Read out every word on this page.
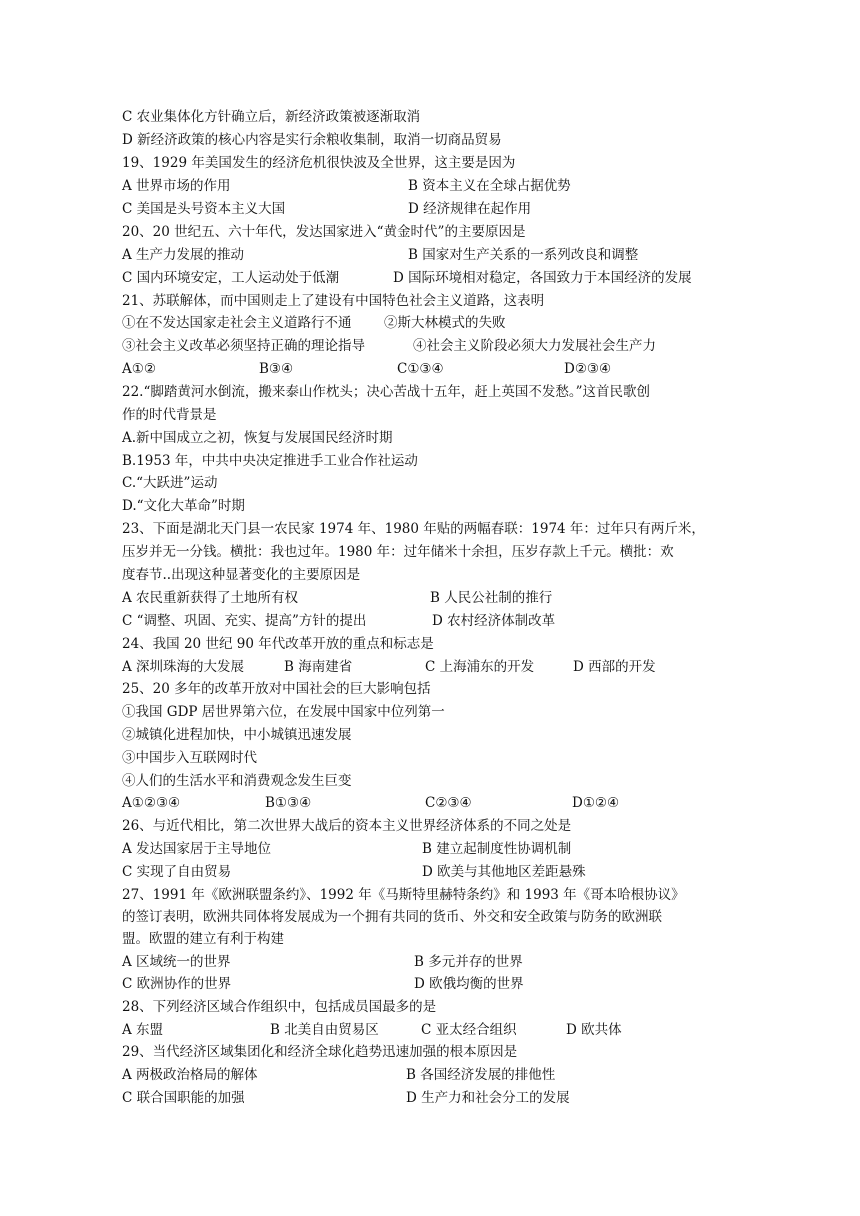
C 农业集体化方针确立后，新经济政策被逐渐取消
D 新经济政策的核心内容是实行余粮收集制，取消一切商品贸易
19、1929 年美国发生的经济危机很快波及全世界，这主要是因为
A 世界市场的作用	B 资本主义在全球占据优势
C 美国是头号资本主义大国	D 经济规律在起作用
20、20 世纪五、六十年代，发达国家进入“黄金时代”的主要原因是
A 生产力发展的推动	B 国家对生产关系的一系列改良和调整
C 国内环境安定，工人运动处于低潮	D 国际环境相对稳定，各国致力于本国经济的发展
21、苏联解体，而中国则走上了建设有中国特色社会主义道路，这表明
①在不发达国家走社会主义道路行不通 ②斯大林模式的失败
③社会主义改革必须坚持正确的理论指导	④社会主义阶段必须大力发展社会生产力
A①②	B③④	C①③④	D②③④
22.“脚踏黄河水倒流，搬来泰山作枕头；决心苦战十五年，赶上英国不发愁。”这首民歌创
作的时代背景是
A.新中国成立之初，恢复与发展国民经济时期
B.1953 年，中共中央决定推进手工业合作社运动
C.“大跃进”运动
D.“文化大革命”时期
23、下面是湖北天门县一农民家 1974 年、1980 年贴的两幅春联：1974 年：过年只有两斤米，
压岁并无一分钱。横批：我也过年。1980 年：过年储米十余担，压岁存款上千元。横批：欢
度春节..出现这种显著变化的主要原因是
A 农民重新获得了土地所有权	B 人民公社制的推行
C “调整、巩固、充实、提高”方针的提出	D 农村经济体制改革
24、我国 20 世纪 90 年代改革开放的重点和标志是
A 深圳珠海的大发展	B 海南建省	C 上海浦东的开发	D 西部的开发
25、20 多年的改革开放对中国社会的巨大影响包括
①我国 GDP 居世界第六位，在发展中国家中位列第一
②城镇化进程加快，中小城镇迅速发展
③中国步入互联网时代
④人们的生活水平和消费观念发生巨变
A①②③④	B①③④	C②③④	D①②④
26、与近代相比，第二次世界大战后的资本主义世界经济体系的不同之处是
A 发达国家居于主导地位	B 建立起制度性协调机制
C 实现了自由贸易	D 欧美与其他地区差距悬殊
27、1991 年《欧洲联盟条约》、1992 年《马斯特里赫特条约》和 1993 年《哥本哈根协议》
的签订表明，欧洲共同体将发展成为一个拥有共同的货币、外交和安全政策与防务的欧洲联
盟。欧盟的建立有利于构建
A 区域统一的世界	B 多元并存的世界
C 欧洲协作的世界	D 欧俄均衡的世界
28、下列经济区域合作组织中，包括成员国最多的是
A 东盟	B 北美自由贸易区	C 亚太经合组织	D 欧共体
29、当代经济区域集团化和经济全球化趋势迅速加强的根本原因是
A 两极政治格局的解体	B 各国经济发展的排他性
C 联合国职能的加强	D 生产力和社会分工的发展
